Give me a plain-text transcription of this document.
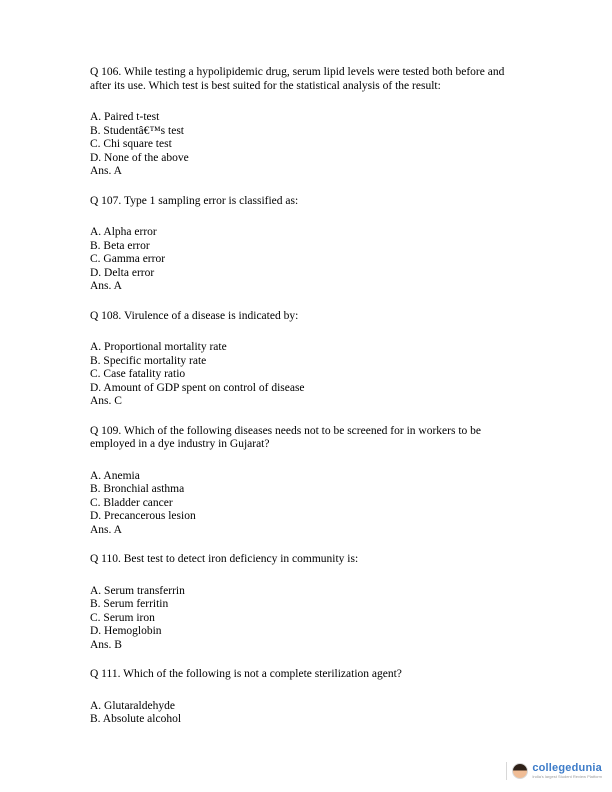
Q 106. While testing a hypolipidemic drug, serum lipid levels were tested both before and after its use. Which test is best suited for the statistical analysis of the result:

A. Paired t-test

B. Studentâ€™s test

C. Chi square test

D. None of the above

Ans. A

Q 107. Type 1 sampling error is classified as:

A. Alpha error

B. Beta error

C. Gamma error

D. Delta error

Ans. A

Q 108. Virulence of a disease is indicated by:

A. Proportional mortality rate

B. Specific mortality rate

C. Case fatality ratio

D. Amount of GDP spent on control of disease

Ans. C

Q 109. Which of the following diseases needs not to be screened for in workers to be employed in a dye industry in Gujarat?

A. Anemia

B. Bronchial asthma

C. Bladder cancer

D. Precancerous lesion

Ans. A

Q 110. Best test to detect iron deficiency in community is:

A. Serum transferrin

B. Serum ferritin

C. Serum iron

D. Hemoglobin

Ans. B

Q 111. Which of the following is not a complete sterilization agent?

A. Glutaraldehyde

B. Absolute alcohol

collegedunia
India's largest Student Review Platform
